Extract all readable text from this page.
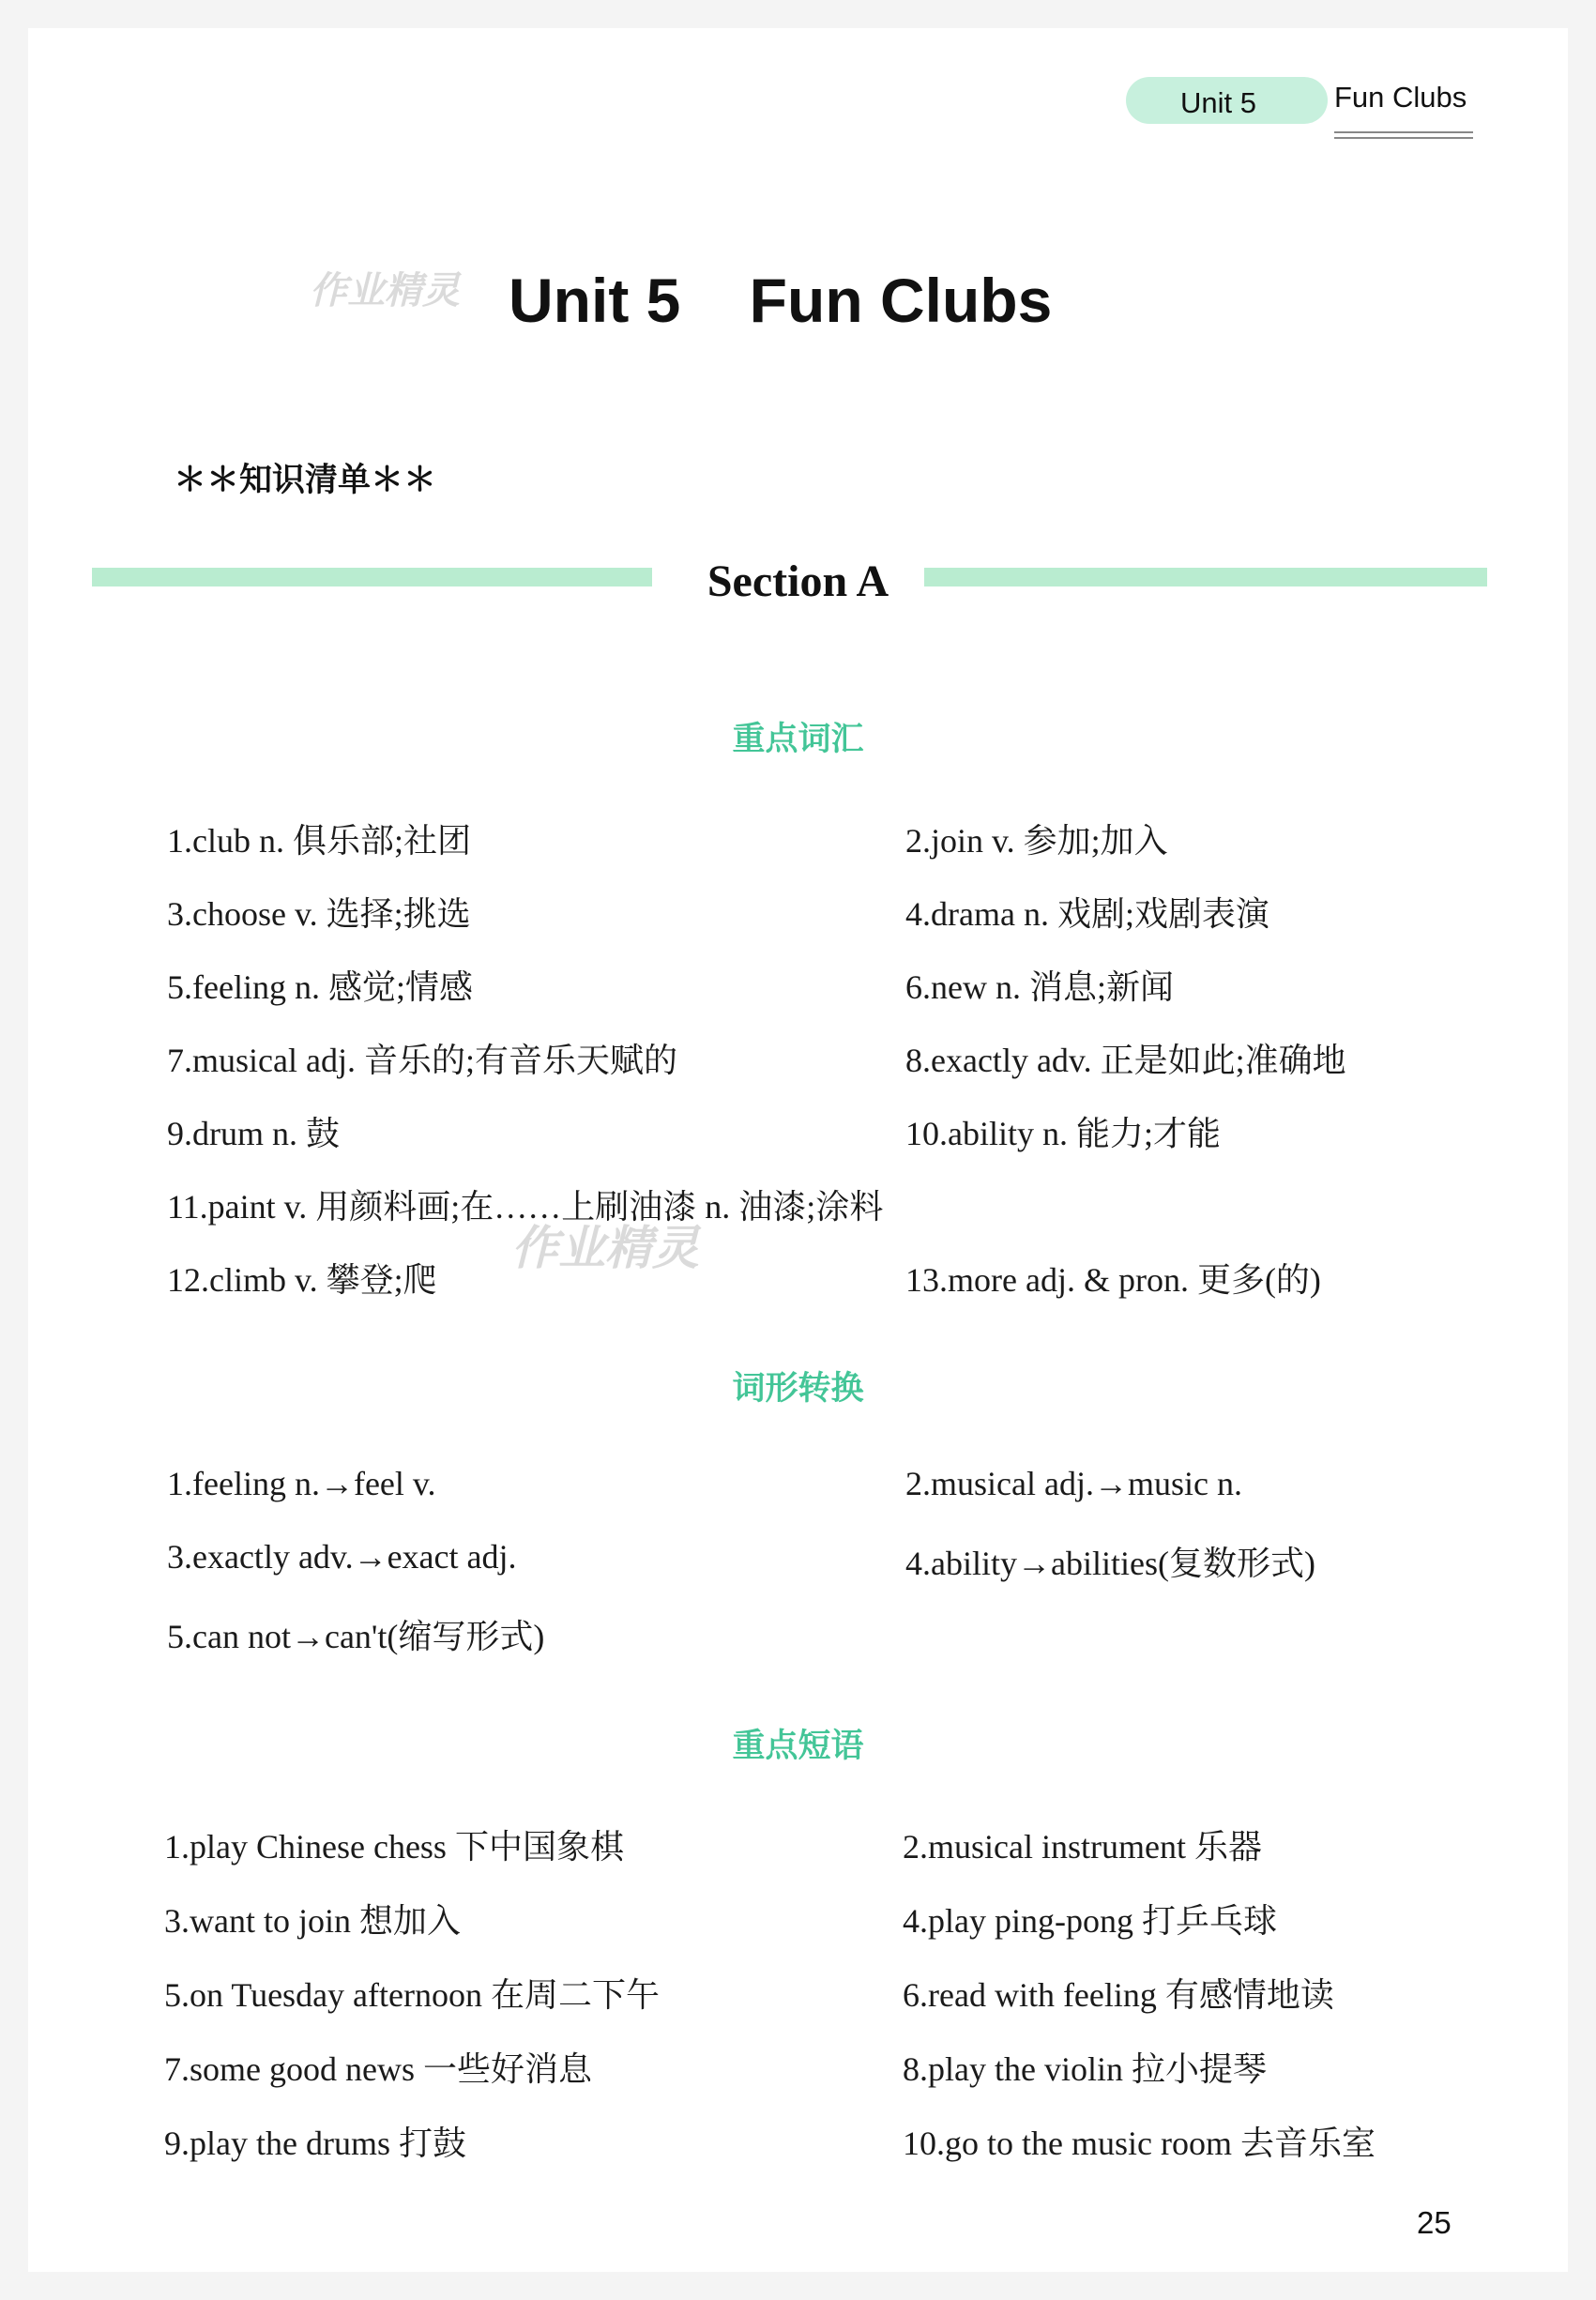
Unit 5	Fun Clubs
作业精灵 Unit 5    Fun Clubs
＊＊知识清单＊＊
Section A
重点词汇
1.club n. 俱乐部;社团	2.join v. 参加;加入
3.choose v. 选择;挑选	4.drama n. 戏剧;戏剧表演
5.feeling n. 感觉;情感	6.new n. 消息;新闻
7.musical adj. 音乐的;有音乐天赋的	8.exactly adv. 正是如此;准确地
9.drum n. 鼓	10.ability n. 能力;才能
11.paint v. 用颜料画;在……上刷油漆 n. 油漆;涂料
12.climb v. 攀登;爬	13.more adj. & pron. 更多(的)
作业精灵
词形转换
1.feeling n.→feel v.	2.musical adj.→music n.
3.exactly adv.→exact adj.	4.ability→abilities(复数形式)
5.can not→can't(缩写形式)
重点短语
1.play Chinese chess 下中国象棋	2.musical instrument 乐器
3.want to join 想加入	4.play ping-pong 打乒乓球
5.on Tuesday afternoon 在周二下午	6.read with feeling 有感情地读
7.some good news 一些好消息	8.play the violin 拉小提琴
9.play the drums 打鼓	10.go to the music room 去音乐室
25
